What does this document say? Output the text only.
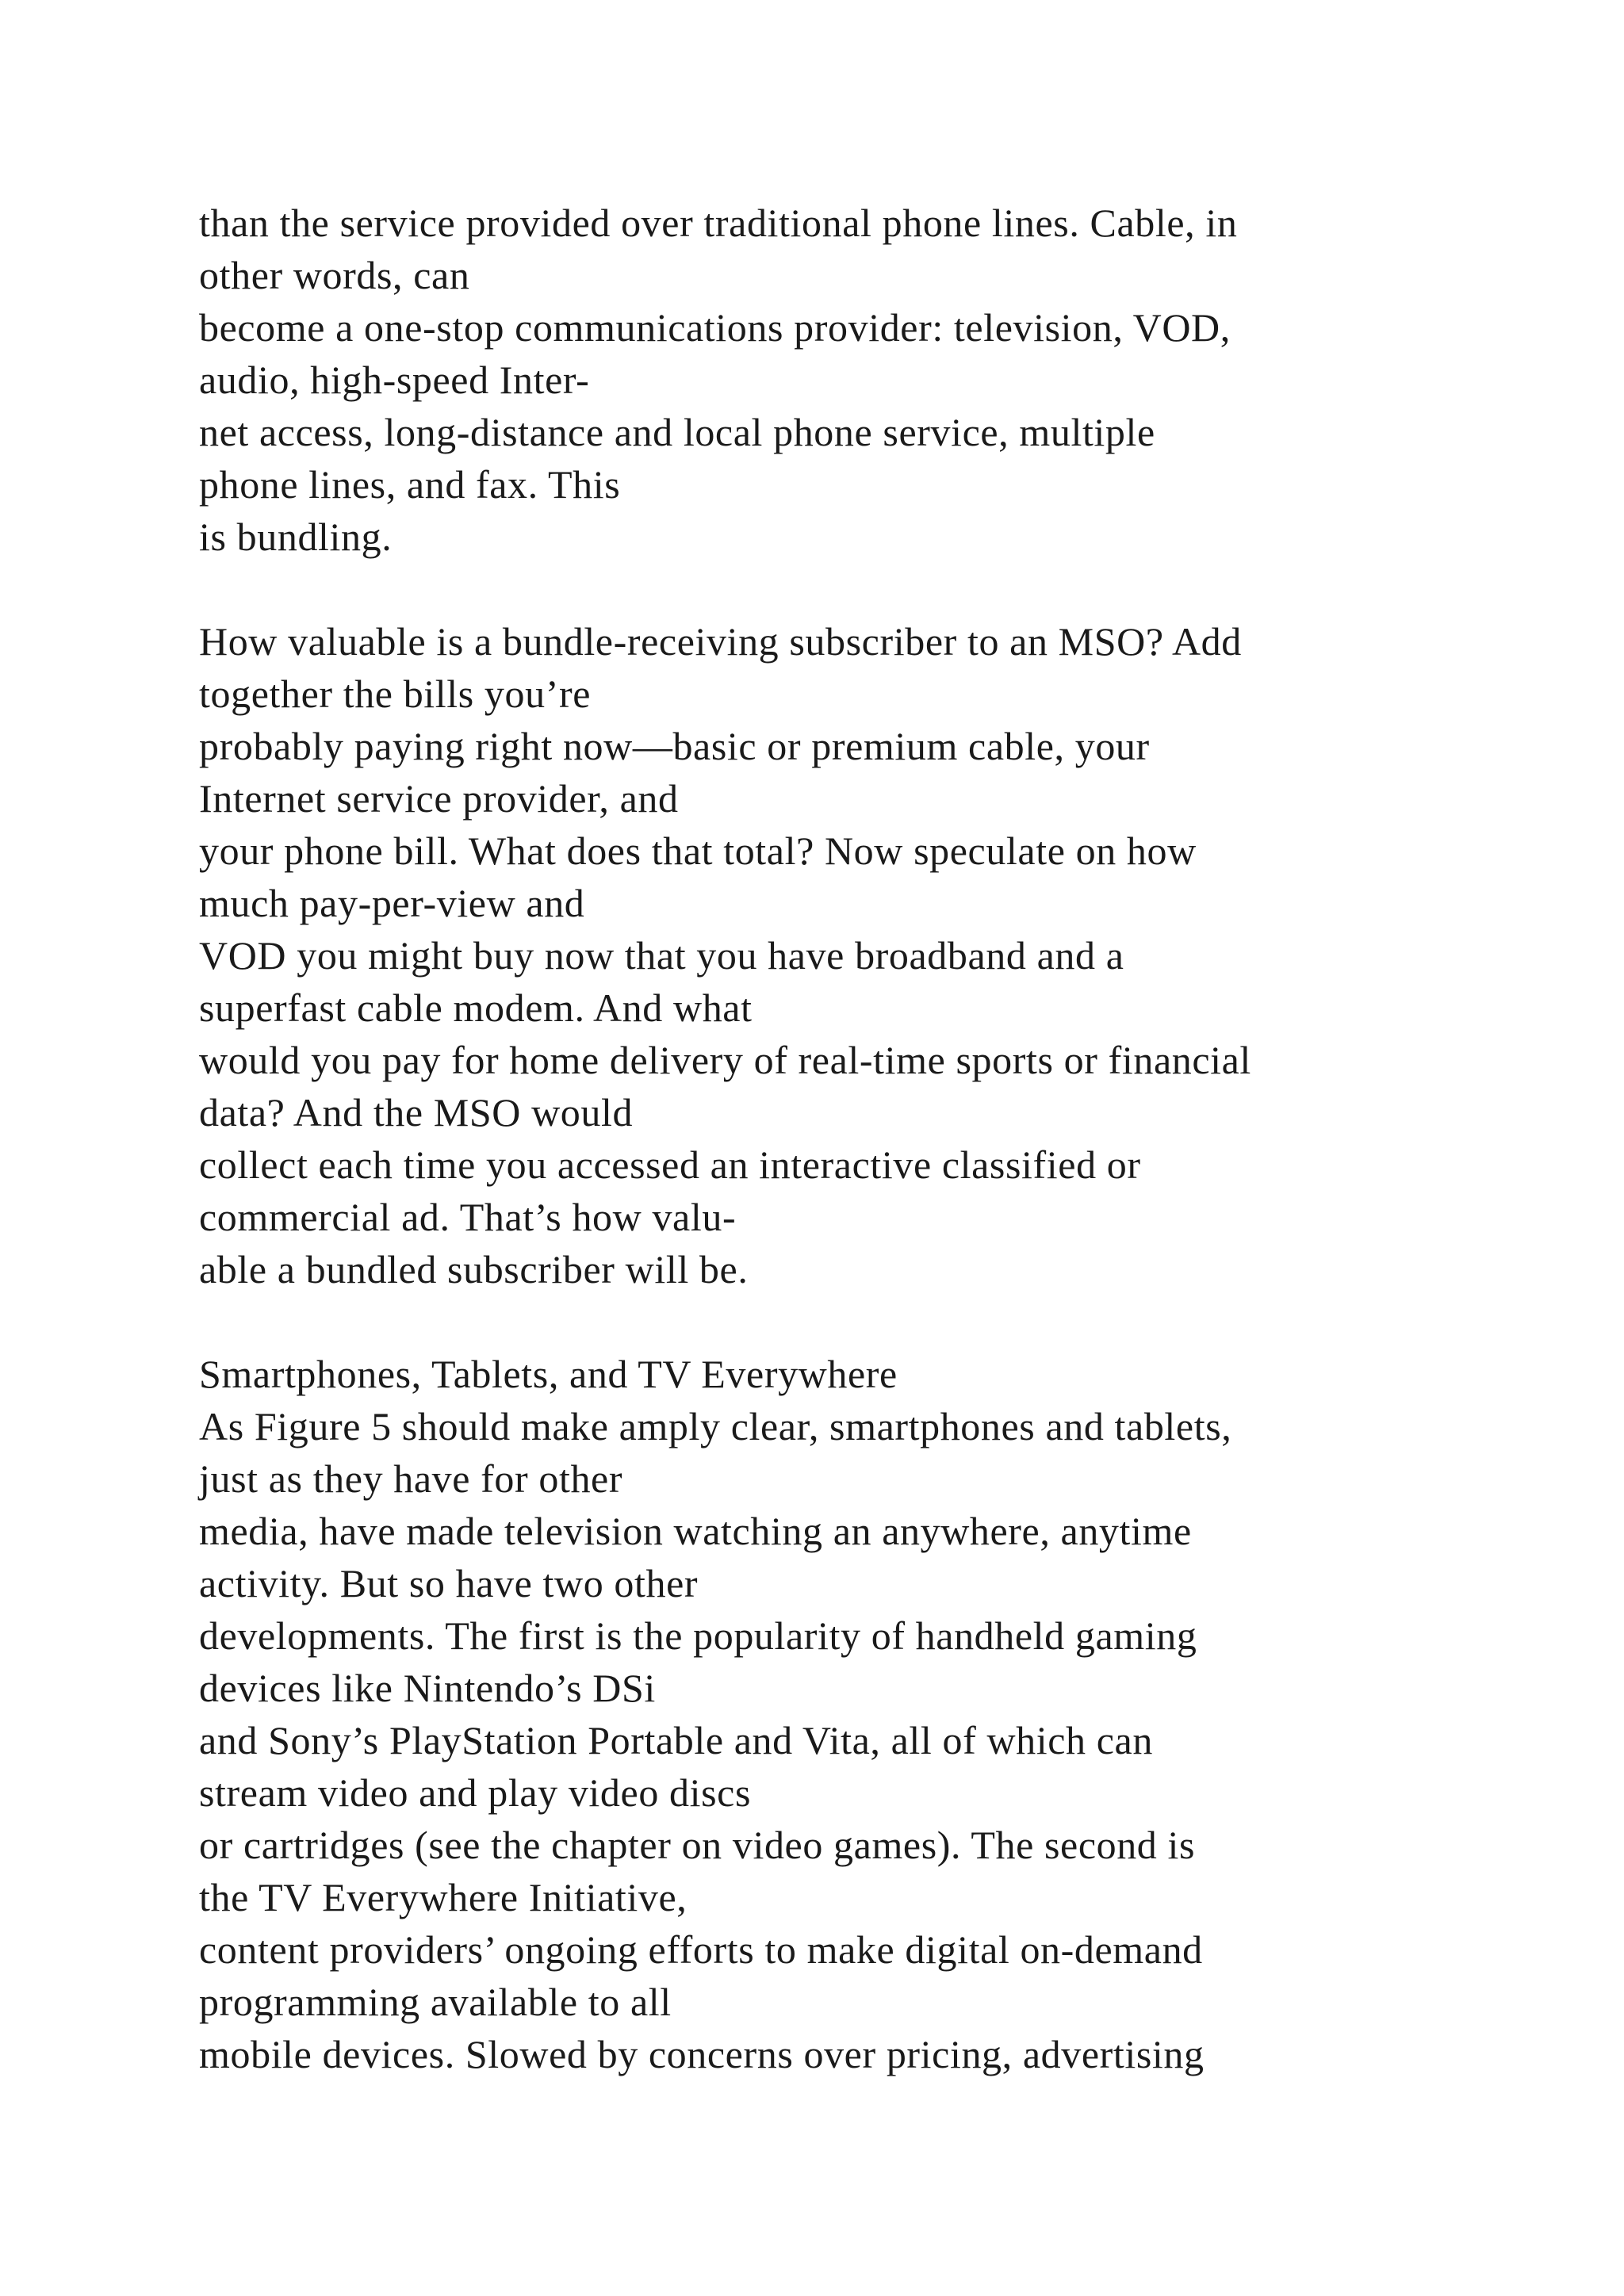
than the service provided over traditional phone lines. Cable, in
other words, can
become a one-stop communications provider: television, VOD,
audio, high-speed Inter-
net access, long-distance and local phone service, multiple
phone lines, and fax. This
is bundling.
How valuable is a bundle-receiving subscriber to an MSO? Add
together the bills you’re
probably paying right now—basic or premium cable, your
Internet service provider, and
your phone bill. What does that total? Now speculate on how
much pay-per-view and
VOD you might buy now that you have broadband and a
superfast cable modem. And what
would you pay for home delivery of real-time sports or financial
data? And the MSO would
collect each time you accessed an interactive classified or
commercial ad. That’s how valu-
able a bundled subscriber will be.
Smartphones, Tablets, and TV Everywhere
As Figure 5 should make amply clear, smartphones and tablets,
just as they have for other
media, have made television watching an anywhere, anytime
activity. But so have two other
developments. The first is the popularity of handheld gaming
devices like Nintendo’s DSi
and Sony’s PlayStation Portable and Vita, all of which can
stream video and play video discs
or cartridges (see the chapter on video games). The second is
the TV Everywhere Initiative,
content providers’ ongoing efforts to make digital on-demand
programming available to all
mobile devices. Slowed by concerns over pricing, advertising
